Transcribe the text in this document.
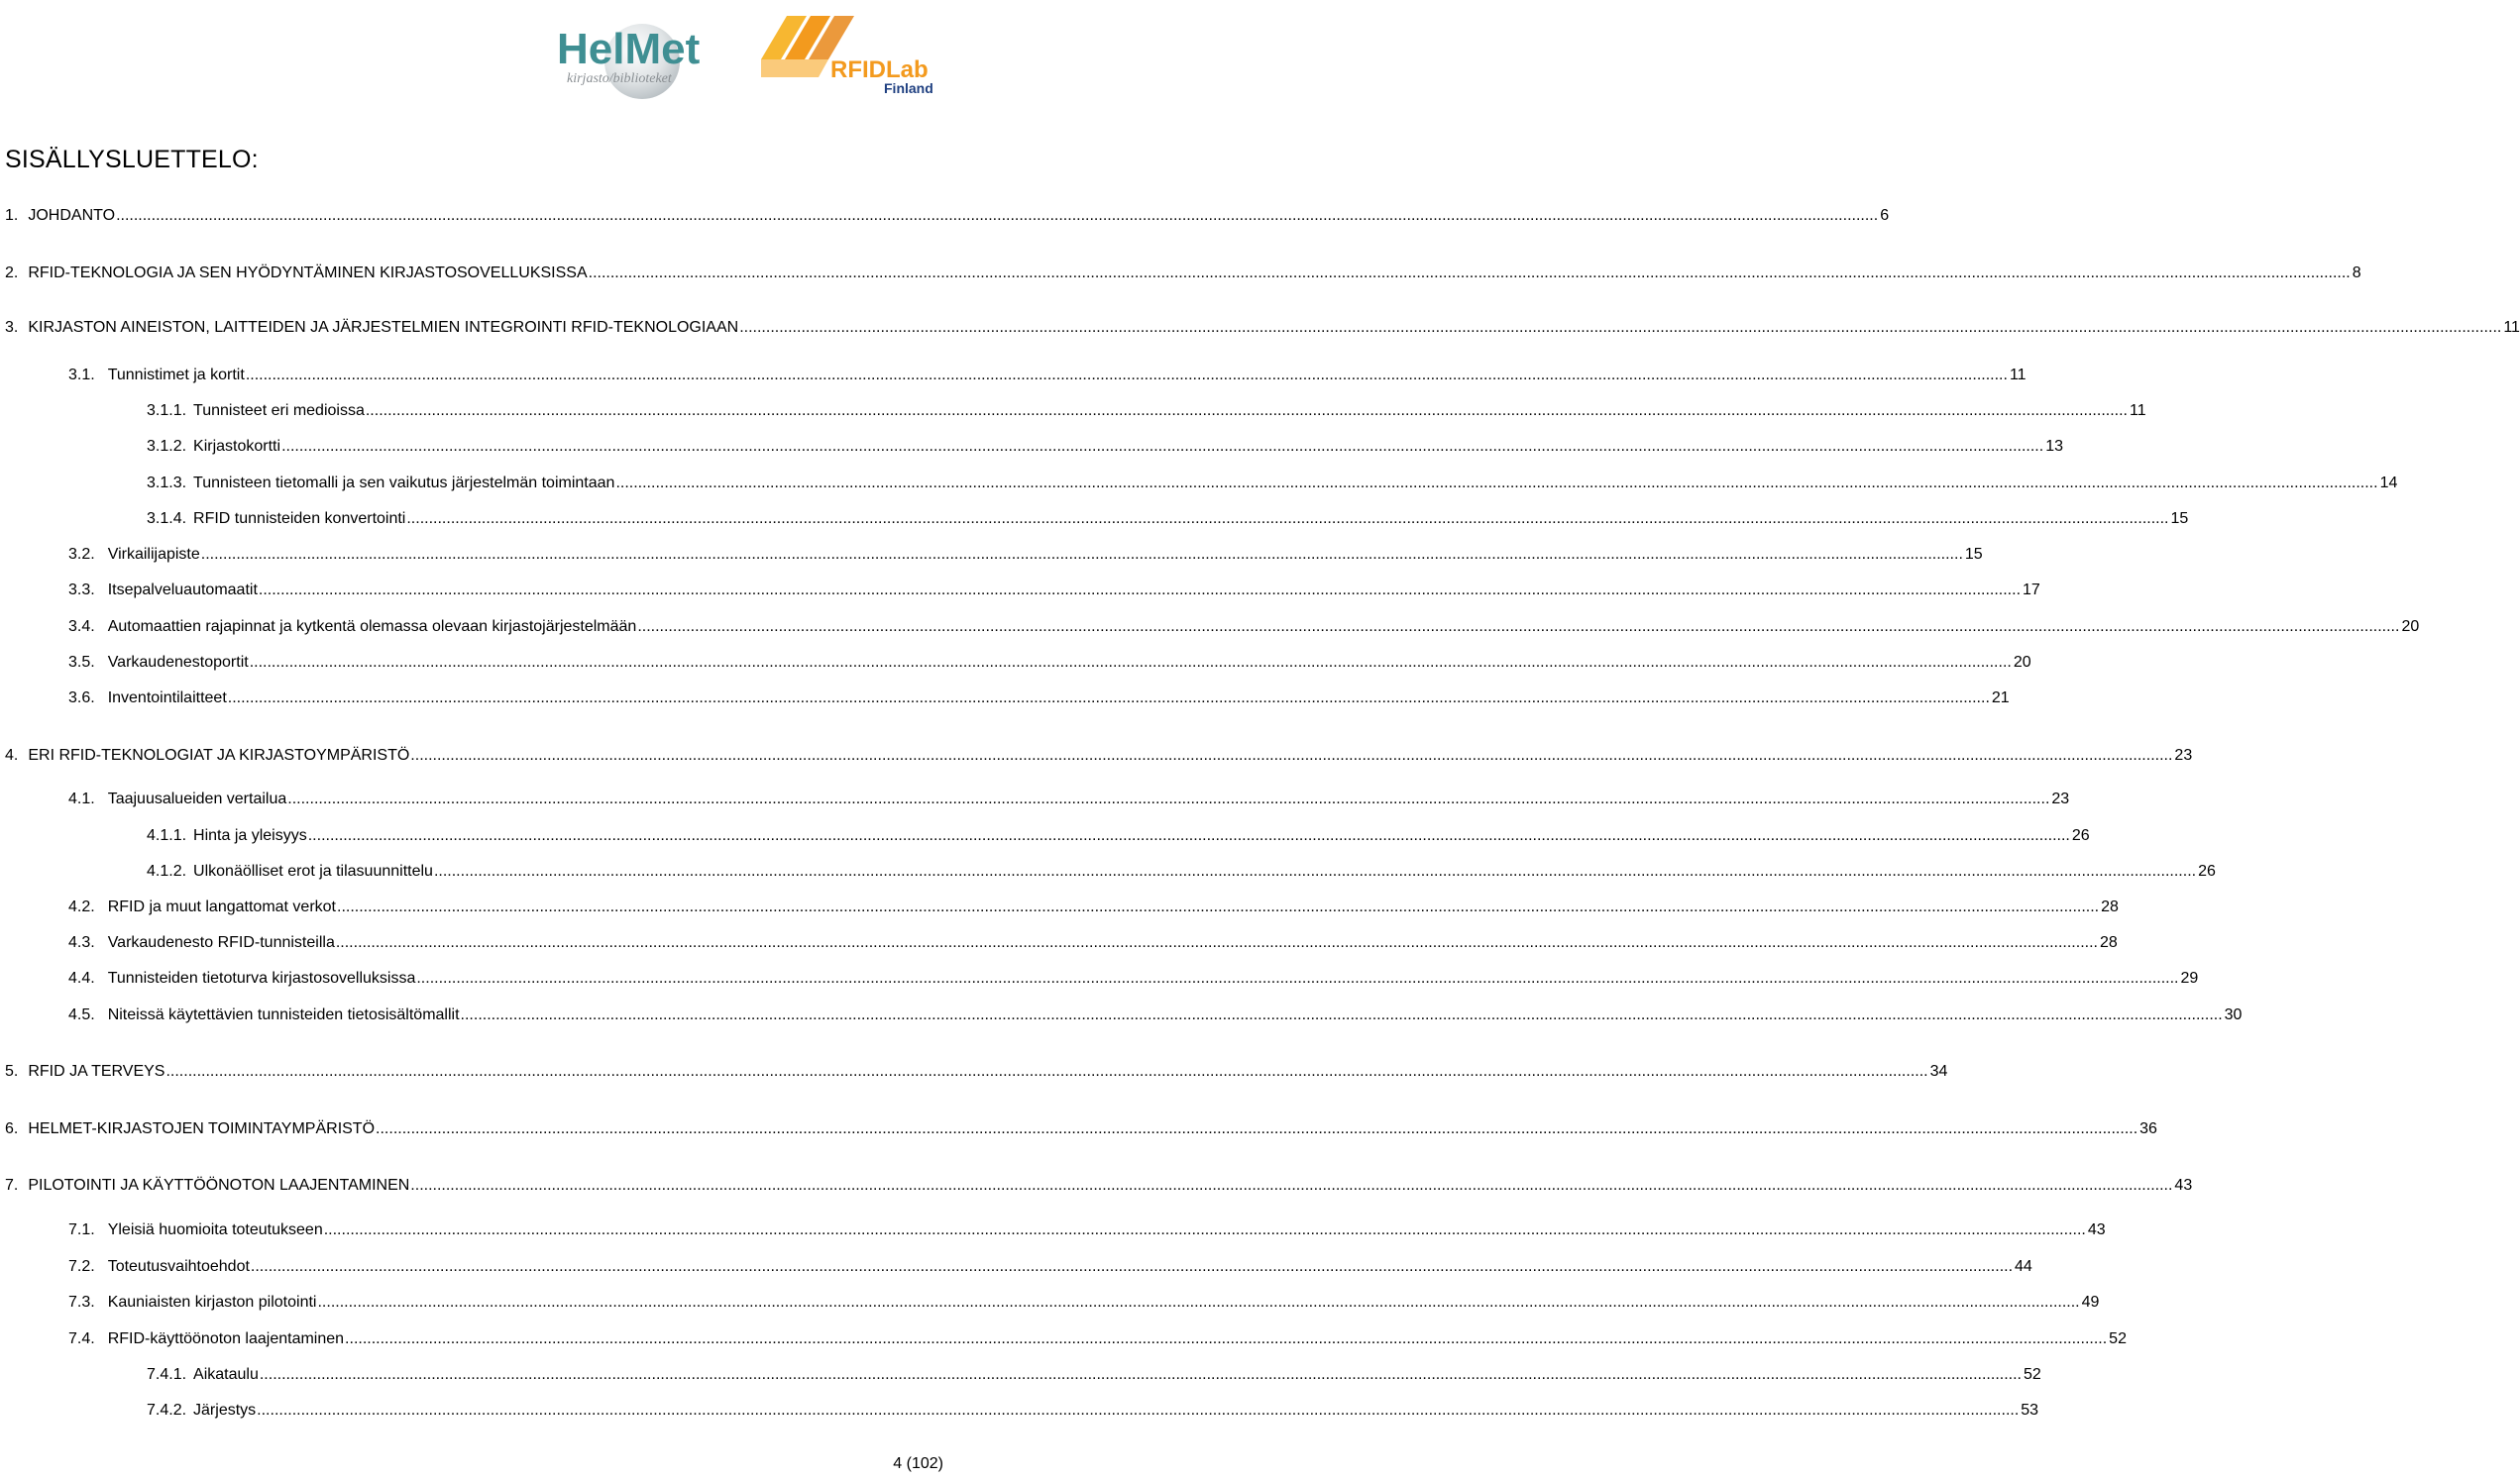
HelMet
kirjasto/biblioteket	RFIDLab
Finland
SISÄLLYSLUETTELO:
1. JOHDANTO ................................................................................................................................................................................................................................................................................................................................................................................................................ 6
2. RFID-TEKNOLOGIA JA SEN HYÖDYNTÄMINEN KIRJASTOSOVELLUKSISSA ................................................................................................................................................................................................................................................................................................................................................................................................................ 8
3. KIRJASTON AINEISTON, LAITTEIDEN JA JÄRJESTELMIEN INTEGROINTI RFID-TEKNOLOGIAAN ................................................................................................................................................................................................................................................................................................................................................................................................................ 11
3.1. Tunnistimet ja kortit ................................................................................................................................................................................................................................................................................................................................................................................................................ 11
3.1.1. Tunnisteet eri medioissa ................................................................................................................................................................................................................................................................................................................................................................................................................ 11
3.1.2. Kirjastokortti ................................................................................................................................................................................................................................................................................................................................................................................................................ 13
3.1.3. Tunnisteen tietomalli ja sen vaikutus järjestelmän toimintaan ................................................................................................................................................................................................................................................................................................................................................................................................................ 14
3.1.4. RFID tunnisteiden konvertointi ................................................................................................................................................................................................................................................................................................................................................................................................................ 15
3.2. Virkailijapiste ................................................................................................................................................................................................................................................................................................................................................................................................................ 15
3.3. Itsepalveluautomaatit ................................................................................................................................................................................................................................................................................................................................................................................................................ 17
3.4. Automaattien rajapinnat ja kytkentä olemassa olevaan kirjastojärjestelmään ................................................................................................................................................................................................................................................................................................................................................................................................................ 20
3.5. Varkaudenestoportit ................................................................................................................................................................................................................................................................................................................................................................................................................ 20
3.6. Inventointilaitteet ................................................................................................................................................................................................................................................................................................................................................................................................................ 21
4. ERI RFID-TEKNOLOGIAT JA KIRJASTOYMPÄRISTÖ ................................................................................................................................................................................................................................................................................................................................................................................................................ 23
4.1. Taajuusalueiden vertailua ................................................................................................................................................................................................................................................................................................................................................................................................................ 23
4.1.1. Hinta ja yleisyys ................................................................................................................................................................................................................................................................................................................................................................................................................ 26
4.1.2. Ulkonäölliset erot ja tilasuunnittelu ................................................................................................................................................................................................................................................................................................................................................................................................................ 26
4.2. RFID ja muut langattomat verkot ................................................................................................................................................................................................................................................................................................................................................................................................................ 28
4.3. Varkaudenesto RFID-tunnisteilla ................................................................................................................................................................................................................................................................................................................................................................................................................ 28
4.4. Tunnisteiden tietoturva kirjastosovelluksissa ................................................................................................................................................................................................................................................................................................................................................................................................................ 29
4.5. Niteissä käytettävien tunnisteiden tietosisältömallit ................................................................................................................................................................................................................................................................................................................................................................................................................ 30
5. RFID JA TERVEYS ................................................................................................................................................................................................................................................................................................................................................................................................................ 34
6. HELMET-KIRJASTOJEN TOIMINTAYMPÄRISTÖ ................................................................................................................................................................................................................................................................................................................................................................................................................ 36
7. PILOTOINTI JA KÄYTTÖÖNOTON LAAJENTAMINEN ................................................................................................................................................................................................................................................................................................................................................................................................................ 43
7.1. Yleisiä huomioita toteutukseen ................................................................................................................................................................................................................................................................................................................................................................................................................ 43
7.2. Toteutusvaihtoehdot ................................................................................................................................................................................................................................................................................................................................................................................................................ 44
7.3. Kauniaisten kirjaston pilotointi ................................................................................................................................................................................................................................................................................................................................................................................................................ 49
7.4. RFID-käyttöönoton laajentaminen ................................................................................................................................................................................................................................................................................................................................................................................................................ 52
7.4.1. Aikataulu ................................................................................................................................................................................................................................................................................................................................................................................................................ 52
7.4.2. Järjestys ................................................................................................................................................................................................................................................................................................................................................................................................................ 53
4 (102)
